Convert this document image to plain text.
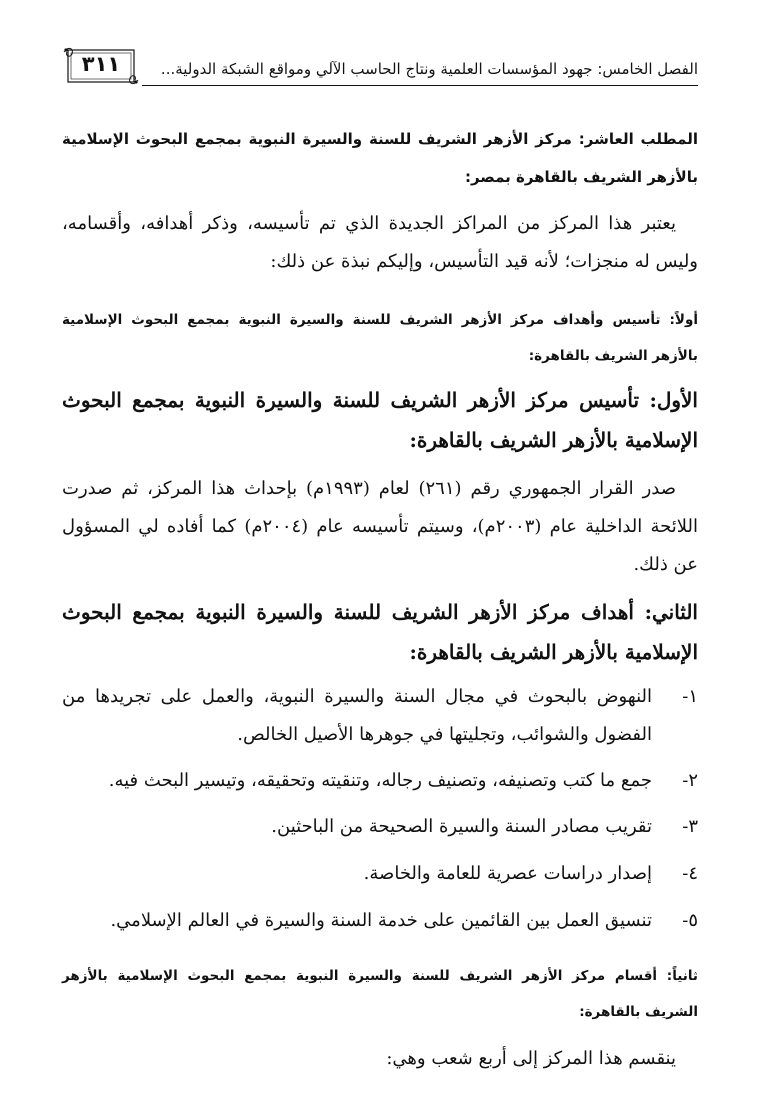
٣١١	الفصل الخامس: جهود المؤسسات العلمية ونتاج الحاسب الآلي ومواقع الشبكة الدولية...
المطلب العاشر: مركز الأزهر الشريف للسنة والسيرة النبوية بمجمع البحوث الإسلامية بالأزهر الشريف بالقاهرة بمصر:
يعتبر هذا المركز من المراكز الجديدة الذي تم تأسيسه، وذكر أهدافه، وأقسامه، وليس له منجزات؛ لأنه قيد التأسيس، وإليكم نبذة عن ذلك:
أولاً: تأسيس وأهداف مركز الأزهر الشريف للسنة والسيرة النبوية بمجمع البحوث الإسلامية بالأزهر الشريف بالقاهرة:
الأول: تأسيس مركز الأزهر الشريف للسنة والسيرة النبوية بمجمع البحوث الإسلامية بالأزهر الشريف بالقاهرة:
صدر القرار الجمهوري رقم (٢٦١) لعام (١٩٩٣م) بإحداث هذا المركز، ثم صدرت اللائحة الداخلية عام (٢٠٠٣م)، وسيتم تأسيسه عام (٢٠٠٤م) كما أفاده لي المسؤول عن ذلك.
الثاني: أهداف مركز الأزهر الشريف للسنة والسيرة النبوية بمجمع البحوث الإسلامية بالأزهر الشريف بالقاهرة:
١-
النهوض بالبحوث في مجال السنة والسيرة النبوية، والعمل على تجريدها من الفضول والشوائب، وتجليتها في جوهرها الأصيل الخالص.
٢-
جمع ما كتب وتصنيفه، وتصنيف رجاله، وتنقيته وتحقيقه، وتيسير البحث فيه.
٣-
تقريب مصادر السنة والسيرة الصحيحة من الباحثين.
٤-
إصدار دراسات عصرية للعامة والخاصة.
٥-
تنسيق العمل بين القائمين على خدمة السنة والسيرة في العالم الإسلامي.
ثانياً: أقسام مركز الأزهر الشريف للسنة والسيرة النبوية بمجمع البحوث الإسلامية بالأزهر الشريف بالقاهرة:
ينقسم هذا المركز إلى أربع شعب وهي:
